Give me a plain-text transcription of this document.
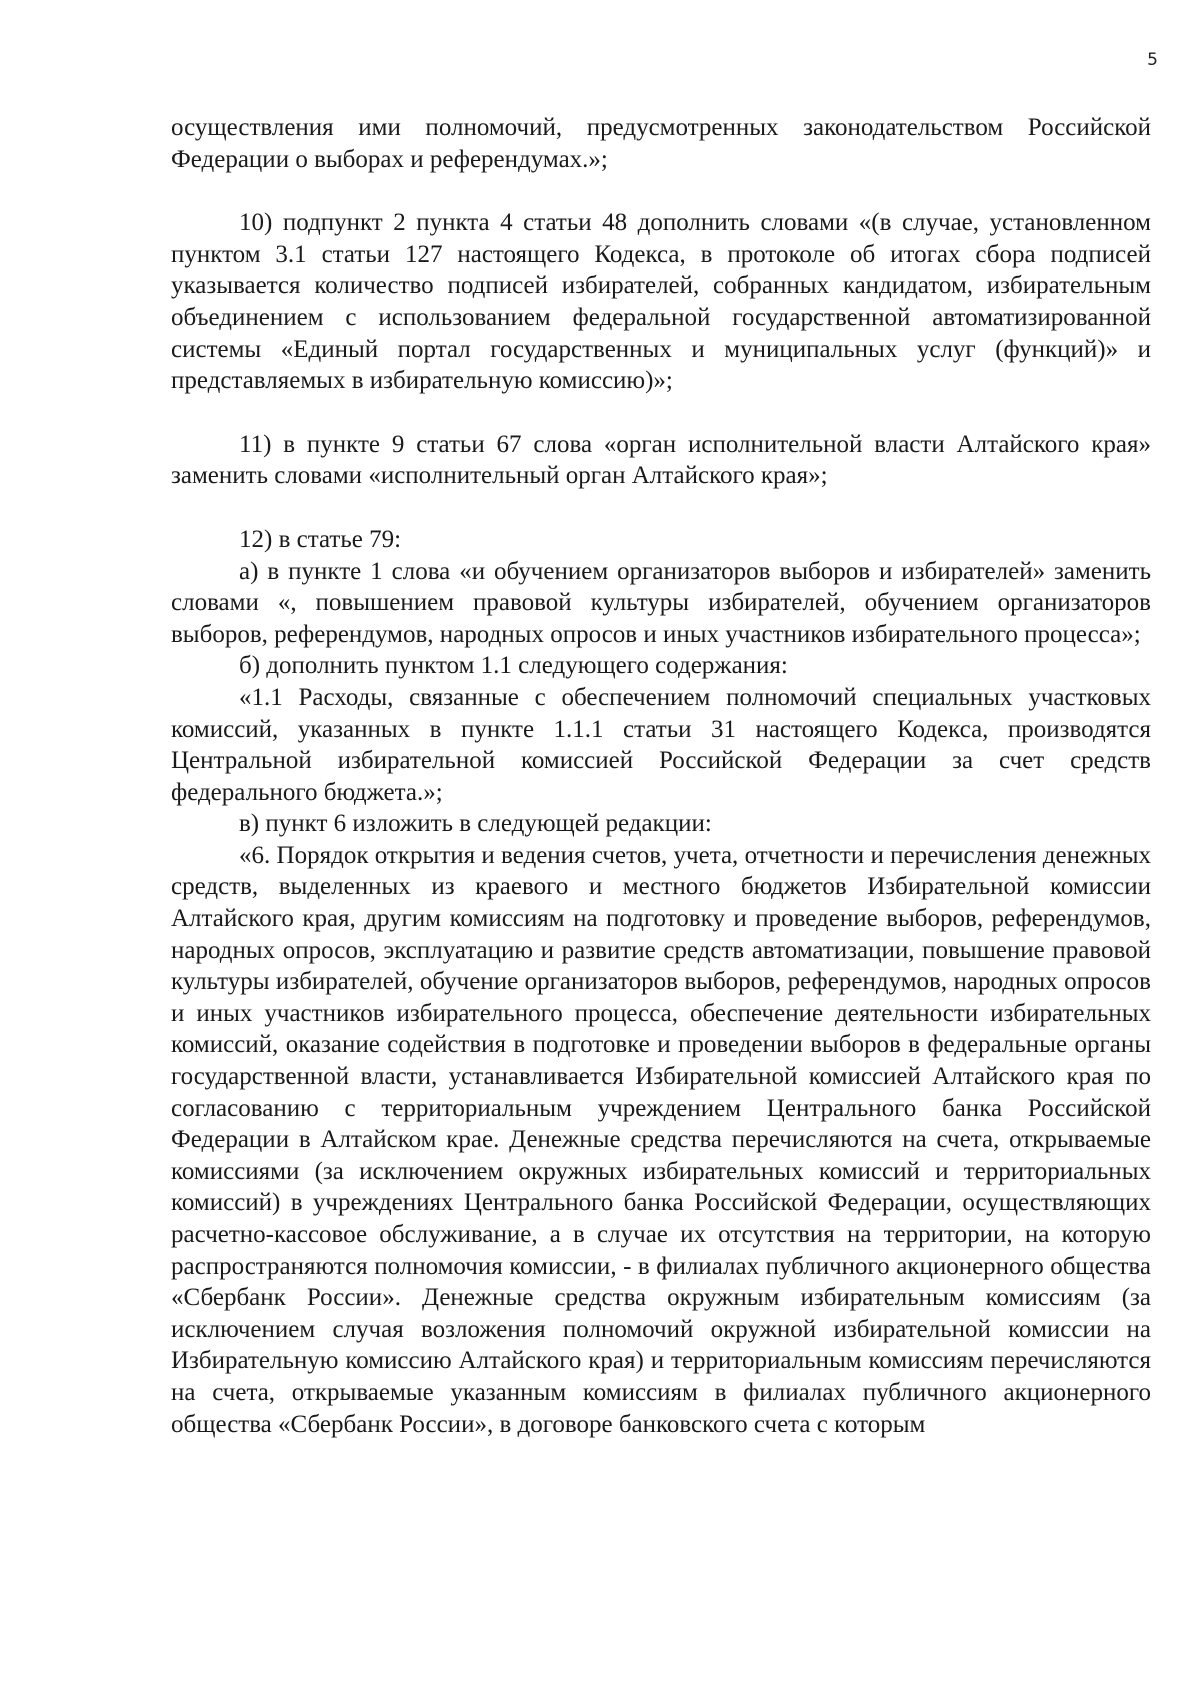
5

осуществления ими полномочий, предусмотренных законодательством Российской Федерации о выборах и референдумах.»;

10) подпункт 2 пункта 4 статьи 48 дополнить словами «(в случае, установленном пунктом 3.1 статьи 127 настоящего Кодекса, в протоколе об итогах сбора подписей указывается количество подписей избирателей, собранных кандидатом, избирательным объединением с использованием федеральной государственной автоматизированной системы «Единый портал государственных и муниципальных услуг (функций)» и представляемых в избирательную комиссию)»;

11) в пункте 9 статьи 67 слова «орган исполнительной власти Алтайского края» заменить словами «исполнительный орган Алтайского края»;

12) в статье 79:

а) в пункте 1 слова «и обучением организаторов выборов и избирателей» заменить словами «, повышением правовой культуры избирателей, обучением организаторов выборов, референдумов, народных опросов и иных участников избирательного процесса»;

б) дополнить пунктом 1.1 следующего содержания:

«1.1 Расходы, связанные с обеспечением полномочий специальных участковых комиссий, указанных в пункте 1.1.1 статьи 31 настоящего Кодекса, производятся Центральной избирательной комиссией Российской Федерации за счет средств федерального бюджета.»;

в) пункт 6 изложить в следующей редакции:

«6. Порядок открытия и ведения счетов, учета, отчетности и перечисления денежных средств, выделенных из краевого и местного бюджетов Избирательной комиссии Алтайского края, другим комиссиям на подготовку и проведение выборов, референдумов, народных опросов, эксплуатацию и развитие средств автоматизации, повышение правовой культуры избирателей, обучение организаторов выборов, референдумов, народных опросов и иных участников избирательного процесса, обеспечение деятельности избирательных комиссий, оказание содействия в подготовке и проведении выборов в федеральные органы государственной власти, устанавливается Избирательной комиссией Алтайского края по согласованию с территориальным учреждением Центрального банка Российской Федерации в Алтайском крае. Денежные средства перечисляются на счета, открываемые комиссиями (за исключением окружных избирательных комиссий и территориальных комиссий) в учреждениях Центрального банка Российской Федерации, осуществляющих расчетно-кассовое обслуживание, а в случае их отсутствия на территории, на которую распространяются полномочия комиссии, - в филиалах публичного акционерного общества «Сбербанк России». Денежные средства окружным избирательным комиссиям (за исключением случая возложения полномочий окружной избирательной комиссии на Избирательную комиссию Алтайского края) и территориальным комиссиям перечисляются на счета, открываемые указанным комиссиям в филиалах публичного акционерного общества «Сбербанк России», в договоре банковского счета с которым
